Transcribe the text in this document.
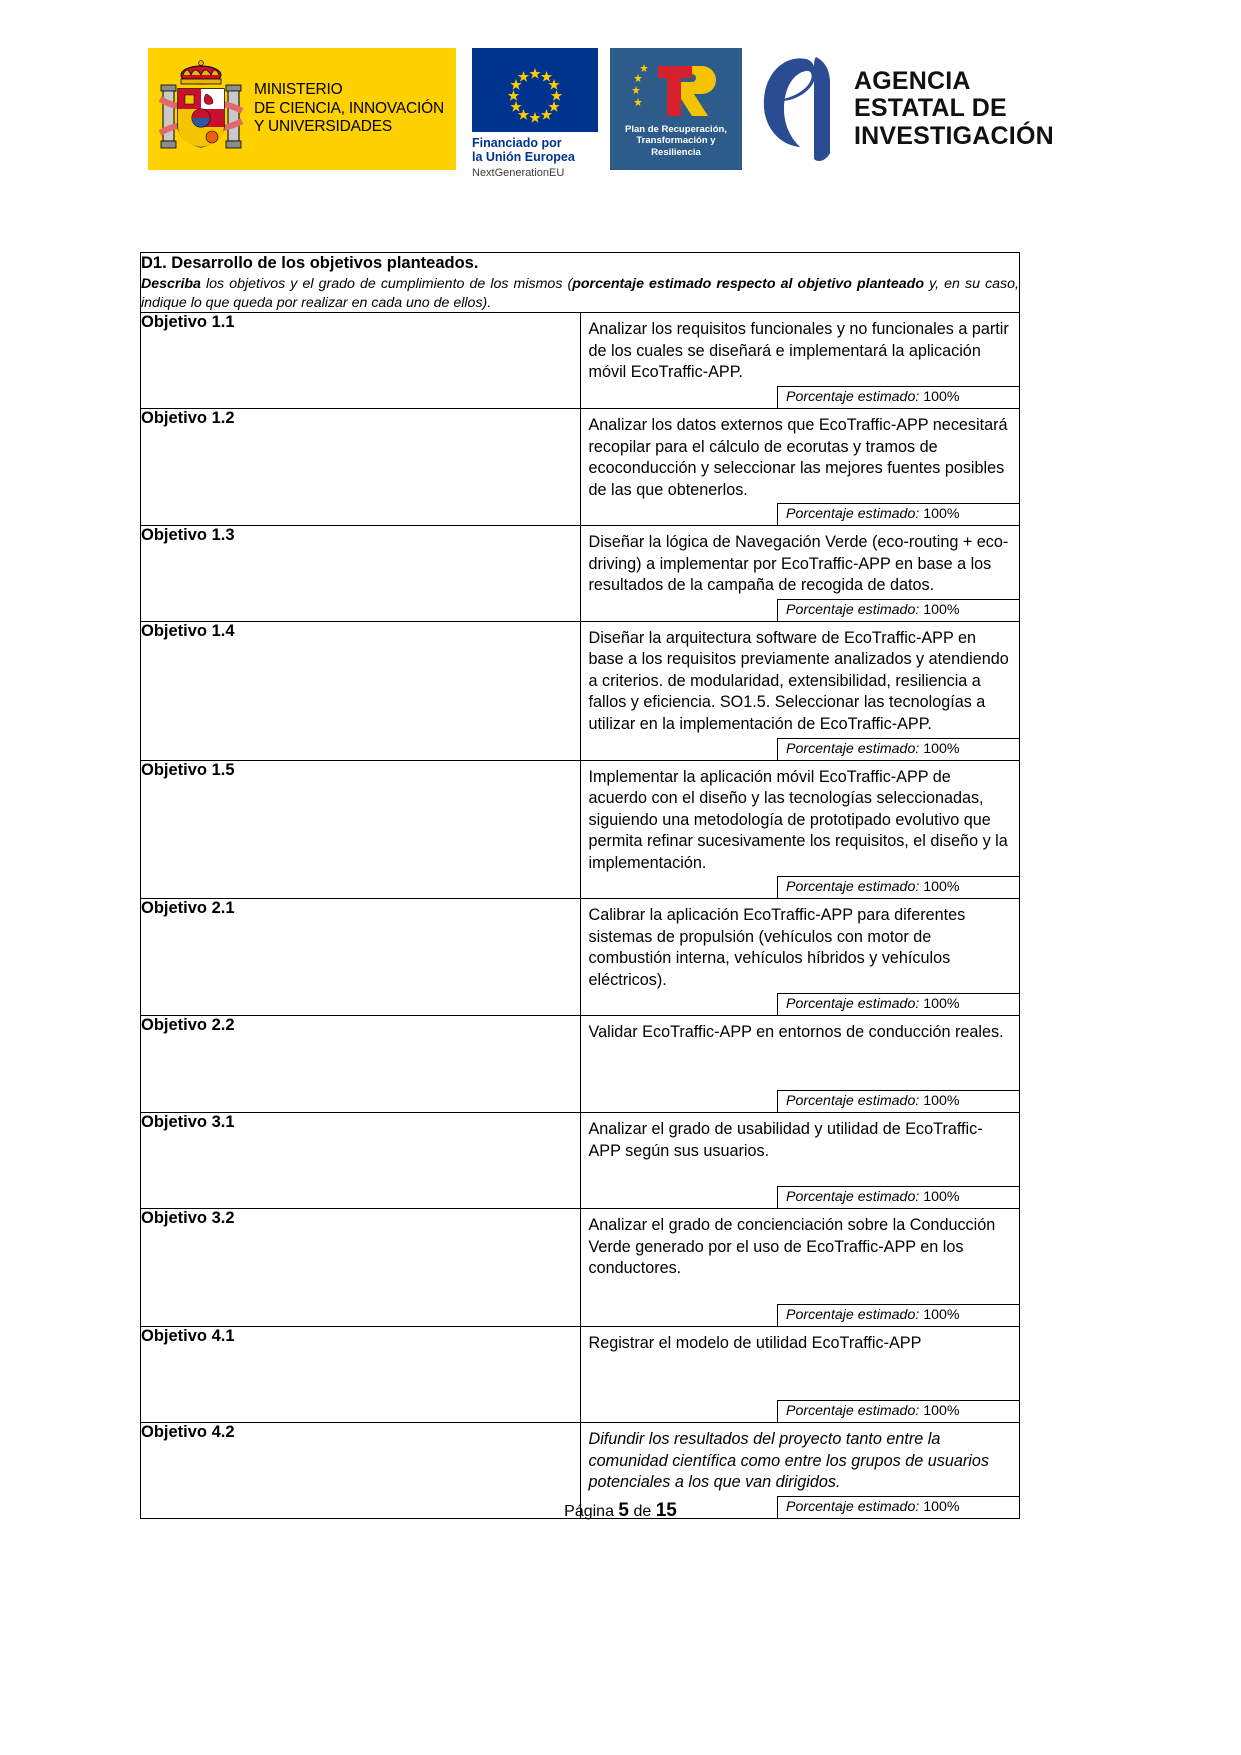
MINISTERIO
DE CIENCIA, INNOVACIÓN
Y UNIVERSIDADES
Financiado por
la Unión Europea
NextGenerationEU
Plan de Recuperación,
Transformación y
Resiliencia
AGENCIA
ESTATAL DE
INVESTIGACIÓN
D1. Desarrollo de los objetivos planteados.
Describa los objetivos y el grado de cumplimiento de los mismos (porcentaje estimado respecto al objetivo planteado y, en su caso, indique lo que queda por realizar en cada uno de ellos).	

Objetivo 1.1	Analizar los requisitos funcionales y no funcionales a partir de los cuales se diseñará e implementará la aplicación móvil EcoTraffic-APP.
Porcentaje estimado: 100%

Objetivo 1.2	Analizar los datos externos que EcoTraffic-APP necesitará recopilar para el cálculo de ecorutas y tramos de ecoconducción y seleccionar las mejores fuentes posibles de las que obtenerlos.
Porcentaje estimado: 100%

Objetivo 1.3	Diseñar la lógica de Navegación Verde (eco-routing + eco-driving) a implementar por EcoTraffic-APP en base a los resultados de la campaña de recogida de datos.
Porcentaje estimado: 100%

Objetivo 1.4	Diseñar la arquitectura software de EcoTraffic-APP en base a los requisitos previamente analizados y atendiendo a criterios. de modularidad, extensibilidad, resiliencia a fallos y eficiencia. SO1.5. Seleccionar las tecnologías a utilizar en la implementación de EcoTraffic-APP.
Porcentaje estimado: 100%

Objetivo 1.5	Implementar la aplicación móvil EcoTraffic-APP de acuerdo con el diseño y las tecnologías seleccionadas, siguiendo una metodología de prototipado evolutivo que permita refinar sucesivamente los requisitos, el diseño y la implementación.
Porcentaje estimado: 100%

Objetivo 2.1	Calibrar la aplicación EcoTraffic-APP para diferentes sistemas de propulsión (vehículos con motor de combustión interna, vehículos híbridos y vehículos eléctricos).
Porcentaje estimado: 100%

Objetivo 2.2	Validar EcoTraffic-APP en entornos de conducción reales.
Porcentaje estimado: 100%

Objetivo 3.1	Analizar el grado de usabilidad y utilidad de EcoTraffic-APP según sus usuarios.
Porcentaje estimado: 100%

Objetivo 3.2	Analizar el grado de concienciación sobre la Conducción Verde generado por el uso de EcoTraffic-APP en los conductores.
Porcentaje estimado: 100%

Objetivo 4.1	Registrar el modelo de utilidad EcoTraffic-APP
Porcentaje estimado: 100%

Objetivo 4.2	Difundir los resultados del proyecto tanto entre la comunidad científica como entre los grupos de usuarios potenciales a los que van dirigidos.
Porcentaje estimado: 100%
Página 5 de 15
